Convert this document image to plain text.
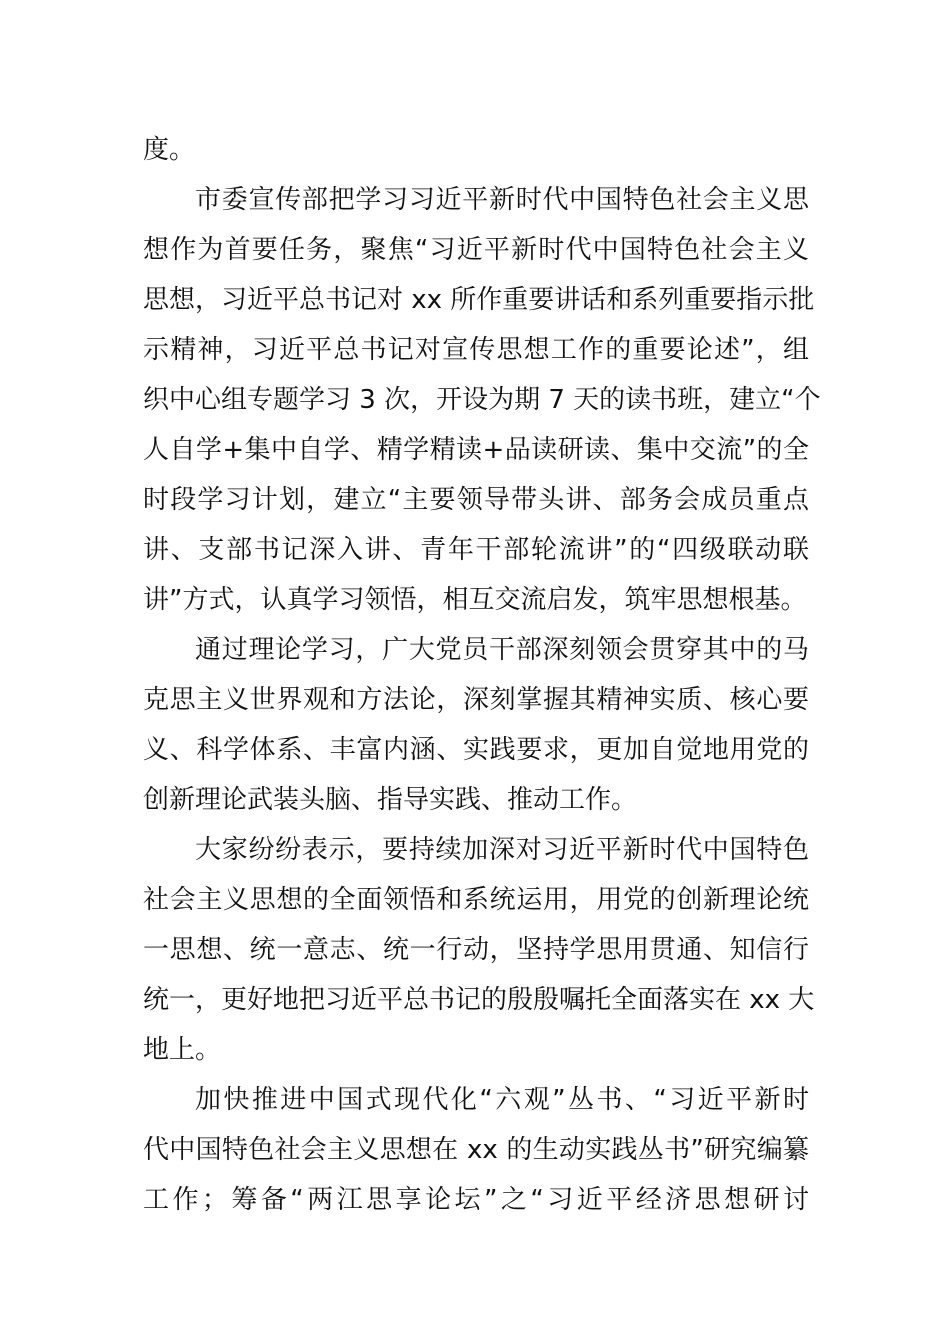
度。
市委宣传部把学习习近平新时代中国特色社会主义思
想作为首要任务，聚焦“习近平新时代中国特色社会主义
思想，习近平总书记对 xx 所作重要讲话和系列重要指示批
示精神，习近平总书记对宣传思想工作的重要论述”，组
织中心组专题学习 3 次，开设为期 7 天的读书班，建立“个
人自学+集中自学、精学精读+品读研读、集中交流”的全
时段学习计划，建立“主要领导带头讲、部务会成员重点
讲、支部书记深入讲、青年干部轮流讲”的“四级联动联
讲”方式，认真学习领悟，相互交流启发，筑牢思想根基。
通过理论学习，广大党员干部深刻领会贯穿其中的马
克思主义世界观和方法论，深刻掌握其精神实质、核心要
义、科学体系、丰富内涵、实践要求，更加自觉地用党的
创新理论武装头脑、指导实践、推动工作。
大家纷纷表示，要持续加深对习近平新时代中国特色
社会主义思想的全面领悟和系统运用，用党的创新理论统
一思想、统一意志、统一行动，坚持学思用贯通、知信行
统一，更好地把习近平总书记的殷殷嘱托全面落实在 xx 大
地上。
加快推进中国式现代化“六观”丛书、“习近平新时
代中国特色社会主义思想在 xx 的生动实践丛书”研究编纂
工作；筹备“两江思享论坛”之“习近平经济思想研讨
